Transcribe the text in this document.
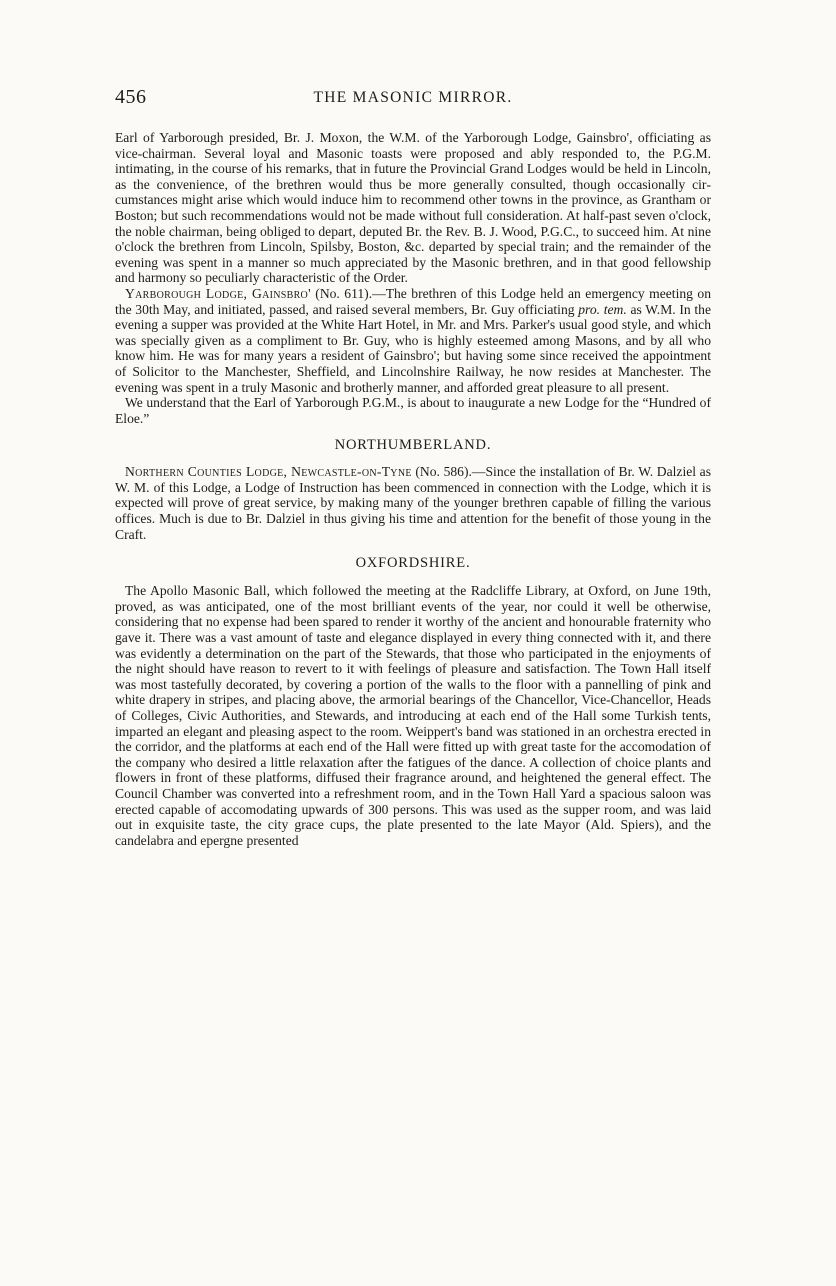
456	THE MASONIC MIRROR.

Earl of Yarborough presided, Br. J. Moxon, the W.M. of the Yarborough Lodge, Gainsbro', officiating as vice-chairman. Several loyal and Masonic toasts were proposed and ably responded to, the P.G.M. intimating, in the course of his remarks, that in future the Provincial Grand Lodges would be held in Lincoln, as the convenience, of the brethren would thus be more generally consulted, though occasionally circumstances might arise which would induce him to recommend other towns in the province, as Grantham or Boston; but such recommendations would not be made without full consideration. At half-past seven o'clock, the noble chairman, being obliged to depart, deputed Br. the Rev. B. J. Wood, P.G.C., to succeed him. At nine o'clock the brethren from Lincoln, Spilsby, Boston, &c. departed by special train; and the remainder of the evening was spent in a manner so much appreciated by the Masonic brethren, and in that good fellowship and harmony so peculiarly characteristic of the Order.

Yarborough Lodge, Gainsbro' (No. 611).—The brethren of this Lodge held an emergency meeting on the 30th May, and initiated, passed, and raised several members, Br. Guy officiating pro. tem. as W.M. In the evening a supper was provided at the White Hart Hotel, in Mr. and Mrs. Parker's usual good style, and which was specially given as a compliment to Br. Guy, who is highly esteemed among Masons, and by all who know him. He was for many years a resident of Gainsbro'; but having some since received the appointment of Solicitor to the Manchester, Sheffield, and Lincolnshire Railway, he now resides at Manchester. The evening was spent in a truly Masonic and brotherly manner, and afforded great pleasure to all present.

We understand that the Earl of Yarborough P.G.M., is about to inaugurate a new Lodge for the “Hundred of Eloe.”

NORTHUMBERLAND.

Northern Counties Lodge, Newcastle-on-Tyne (No. 586).—Since the installation of Br. W. Dalziel as W. M. of this Lodge, a Lodge of Instruction has been commenced in connection with the Lodge, which it is expected will prove of great service, by making many of the younger brethren capable of filling the various offices. Much is due to Br. Dalziel in thus giving his time and attention for the benefit of those young in the Craft.

OXFORDSHIRE.

The Apollo Masonic Ball, which followed the meeting at the Radcliffe Library, at Oxford, on June 19th, proved, as was anticipated, one of the most brilliant events of the year, nor could it well be otherwise, considering that no expense had been spared to render it worthy of the ancient and honourable fraternity who gave it. There was a vast amount of taste and elegance displayed in every thing connected with it, and there was evidently a determination on the part of the Stewards, that those who participated in the enjoyments of the night should have reason to revert to it with feelings of pleasure and satisfaction. The Town Hall itself was most tastefully decorated, by covering a portion of the walls to the floor with a pannelling of pink and white drapery in stripes, and placing above, the armorial bearings of the Chancellor, Vice-Chancellor, Heads of Colleges, Civic Authorities, and Stewards, and introducing at each end of the Hall some Turkish tents, imparted an elegant and pleasing aspect to the room. Weippert's band was stationed in an orchestra erected in the corridor, and the platforms at each end of the Hall were fitted up with great taste for the accomodation of the company who desired a little relaxation after the fatigues of the dance. A collection of choice plants and flowers in front of these platforms, diffused their fragrance around, and heightened the general effect. The Council Chamber was converted into a refreshment room, and in the Town Hall Yard a spacious saloon was erected capable of accomodating upwards of 300 persons. This was used as the supper room, and was laid out in exquisite taste, the city grace cups, the plate presented to the late Mayor (Ald. Spiers), and the candelabra and epergne presented
